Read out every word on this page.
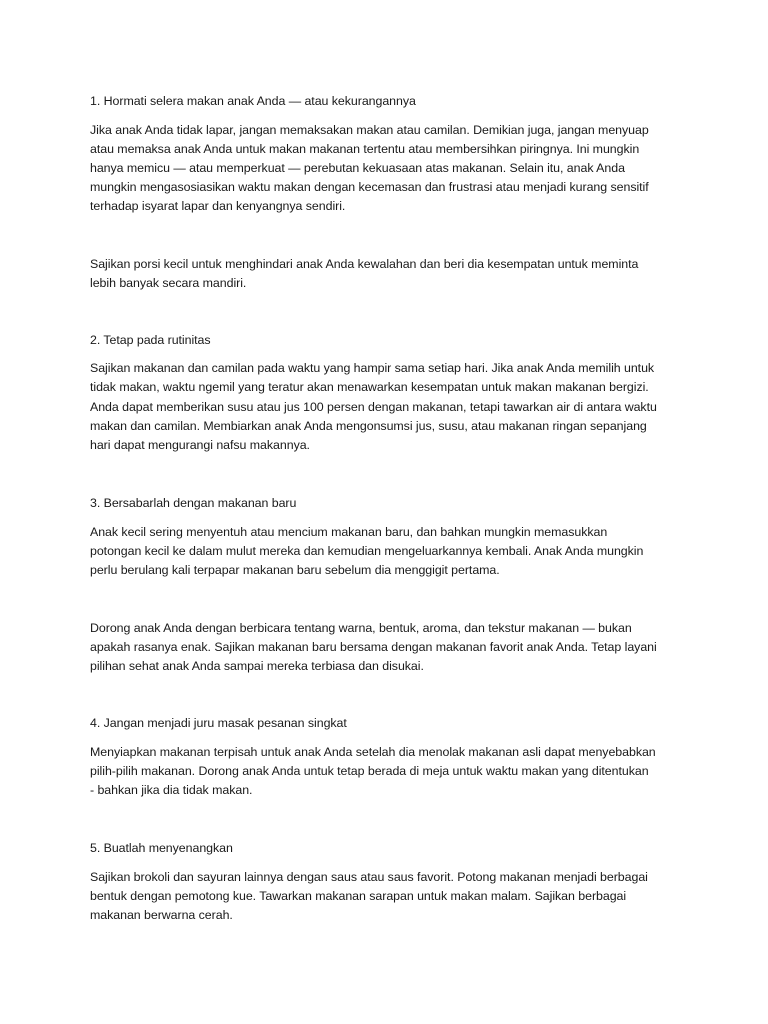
1. Hormati selera makan anak Anda — atau kekurangannya
Jika anak Anda tidak lapar, jangan memaksakan makan atau camilan. Demikian juga, jangan menyuap
atau memaksa anak Anda untuk makan makanan tertentu atau membersihkan piringnya. Ini mungkin
hanya memicu — atau memperkuat — perebutan kekuasaan atas makanan. Selain itu, anak Anda
mungkin mengasosiasikan waktu makan dengan kecemasan dan frustrasi atau menjadi kurang sensitif
terhadap isyarat lapar dan kenyangnya sendiri.
Sajikan porsi kecil untuk menghindari anak Anda kewalahan dan beri dia kesempatan untuk meminta
lebih banyak secara mandiri.
2. Tetap pada rutinitas
Sajikan makanan dan camilan pada waktu yang hampir sama setiap hari. Jika anak Anda memilih untuk
tidak makan, waktu ngemil yang teratur akan menawarkan kesempatan untuk makan makanan bergizi.
Anda dapat memberikan susu atau jus 100 persen dengan makanan, tetapi tawarkan air di antara waktu
makan dan camilan. Membiarkan anak Anda mengonsumsi jus, susu, atau makanan ringan sepanjang
hari dapat mengurangi nafsu makannya.
3. Bersabarlah dengan makanan baru
Anak kecil sering menyentuh atau mencium makanan baru, dan bahkan mungkin memasukkan
potongan kecil ke dalam mulut mereka dan kemudian mengeluarkannya kembali. Anak Anda mungkin
perlu berulang kali terpapar makanan baru sebelum dia menggigit pertama.
Dorong anak Anda dengan berbicara tentang warna, bentuk, aroma, dan tekstur makanan — bukan
apakah rasanya enak. Sajikan makanan baru bersama dengan makanan favorit anak Anda. Tetap layani
pilihan sehat anak Anda sampai mereka terbiasa dan disukai.
4. Jangan menjadi juru masak pesanan singkat
Menyiapkan makanan terpisah untuk anak Anda setelah dia menolak makanan asli dapat menyebabkan
pilih-pilih makanan. Dorong anak Anda untuk tetap berada di meja untuk waktu makan yang ditentukan
- bahkan jika dia tidak makan.
5. Buatlah menyenangkan
Sajikan brokoli dan sayuran lainnya dengan saus atau saus favorit. Potong makanan menjadi berbagai
bentuk dengan pemotong kue. Tawarkan makanan sarapan untuk makan malam. Sajikan berbagai
makanan berwarna cerah.
